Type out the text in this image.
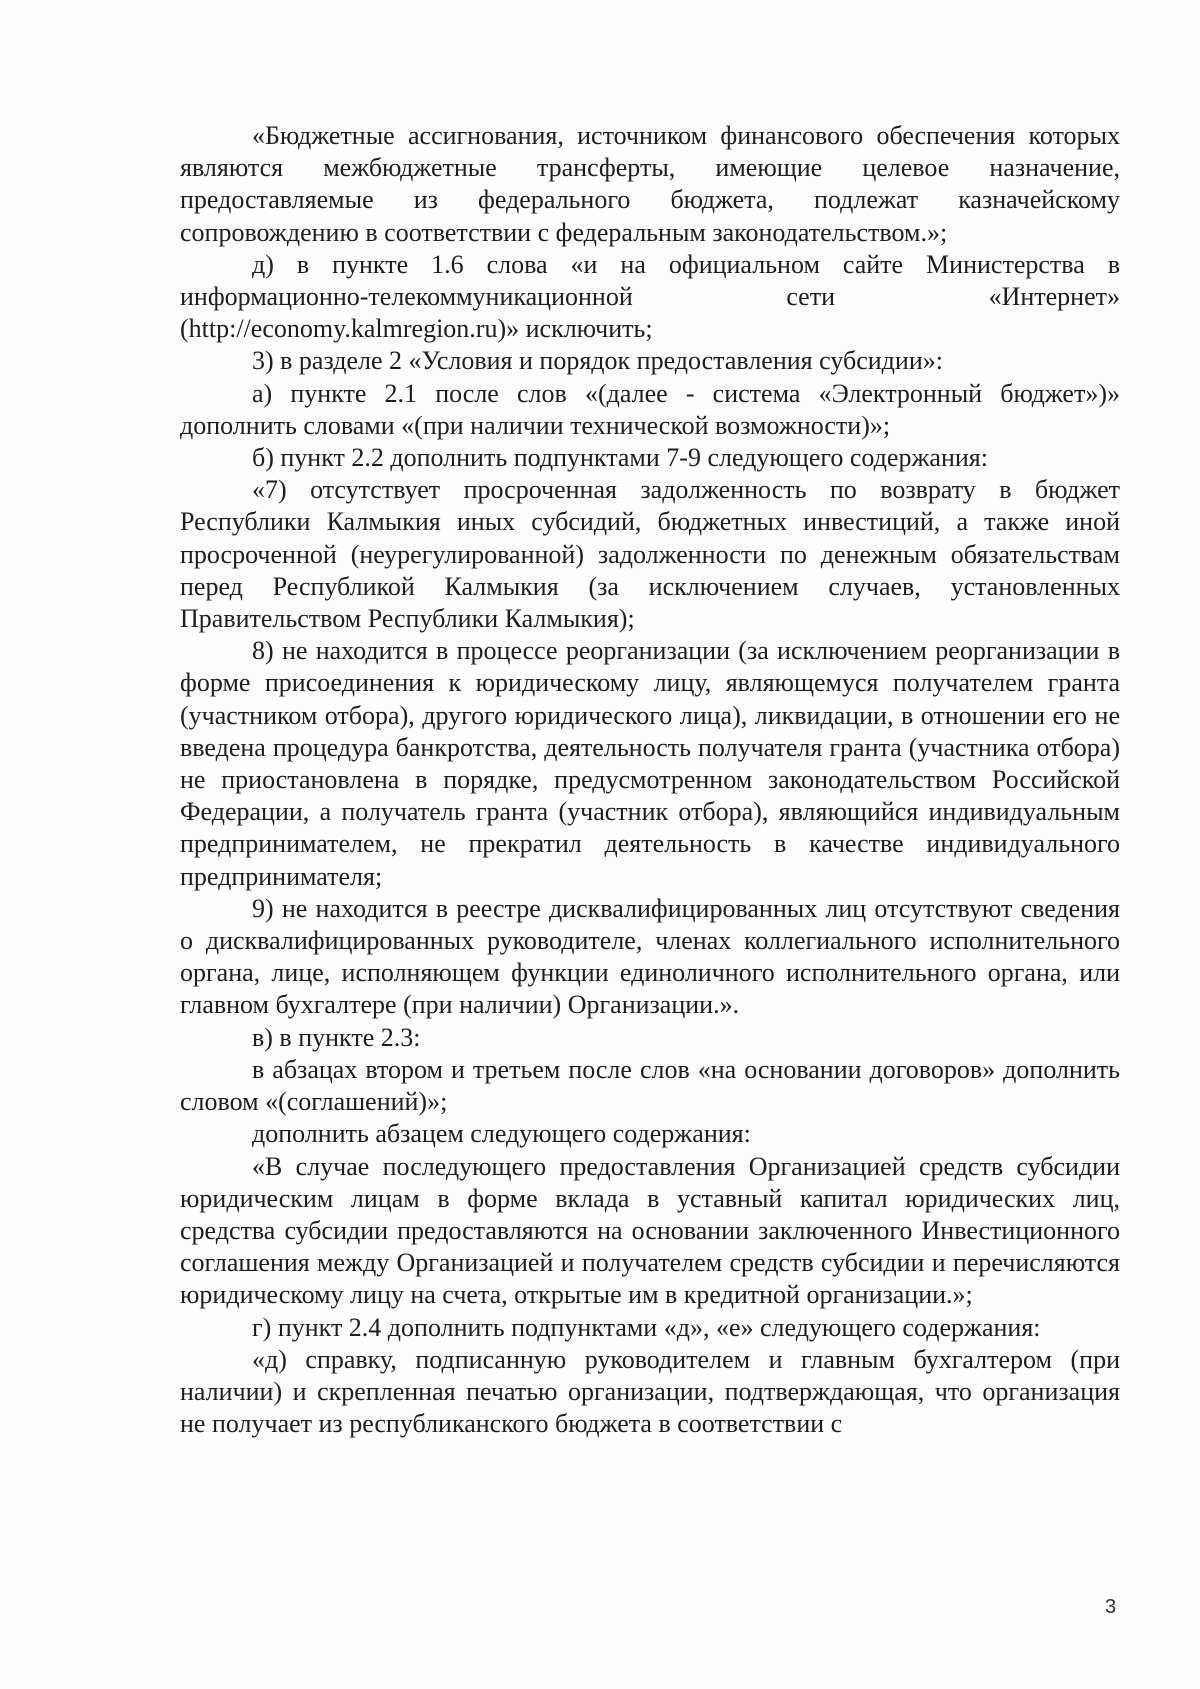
«Бюджетные ассигнования, источником финансового обеспечения которых являются межбюджетные трансферты, имеющие целевое назначение, предоставляемые из федерального бюджета, подлежат казначейскому сопровождению в соответствии с федеральным законодательством.»;

д) в пункте 1.6 слова «и на официальном сайте Министерства в информационно-телекоммуникационной сети «Интернет» (http://economy.kalmregion.ru)» исключить;

3) в разделе 2 «Условия и порядок предоставления субсидии»:

а) пункте 2.1 после слов «(далее - система «Электронный бюджет»)» дополнить словами «(при наличии технической возможности)»;

б) пункт 2.2 дополнить подпунктами 7-9 следующего содержания:

«7) отсутствует просроченная задолженность по возврату в бюджет Республики Калмыкия иных субсидий, бюджетных инвестиций, а также иной просроченной (неурегулированной) задолженности по денежным обязательствам перед Республикой Калмыкия (за исключением случаев, установленных Правительством Республики Калмыкия);

8) не находится в процессе реорганизации (за исключением реорганизации в форме присоединения к юридическому лицу, являющемуся получателем гранта (участником отбора), другого юридического лица), ликвидации, в отношении его не введена процедура банкротства, деятельность получателя гранта (участника отбора) не приостановлена в порядке, предусмотренном законодательством Российской Федерации, а получатель гранта (участник отбора), являющийся индивидуальным предпринимателем, не прекратил деятельность в качестве индивидуального предпринимателя;

9) не находится в реестре дисквалифицированных лиц отсутствуют сведения о дисквалифицированных руководителе, членах коллегиального исполнительного органа, лице, исполняющем функции единоличного исполнительного органа, или главном бухгалтере (при наличии) Организации.».

в) в пункте 2.3:

в абзацах втором и третьем после слов «на основании договоров» дополнить словом «(соглашений)»;

дополнить абзацем следующего содержания:

«В случае последующего предоставления Организацией средств субсидии юридическим лицам в форме вклада в уставный капитал юридических лиц, средства субсидии предоставляются на основании заключенного Инвестиционного соглашения между Организацией и получателем средств субсидии и перечисляются юридическому лицу на счета, открытые им в кредитной организации.»;

г) пункт 2.4 дополнить подпунктами «д», «е» следующего содержания:

«д) справку, подписанную руководителем и главным бухгалтером (при наличии) и скрепленная печатью организации, подтверждающая, что организация не получает из республиканского бюджета в соответствии с

3
